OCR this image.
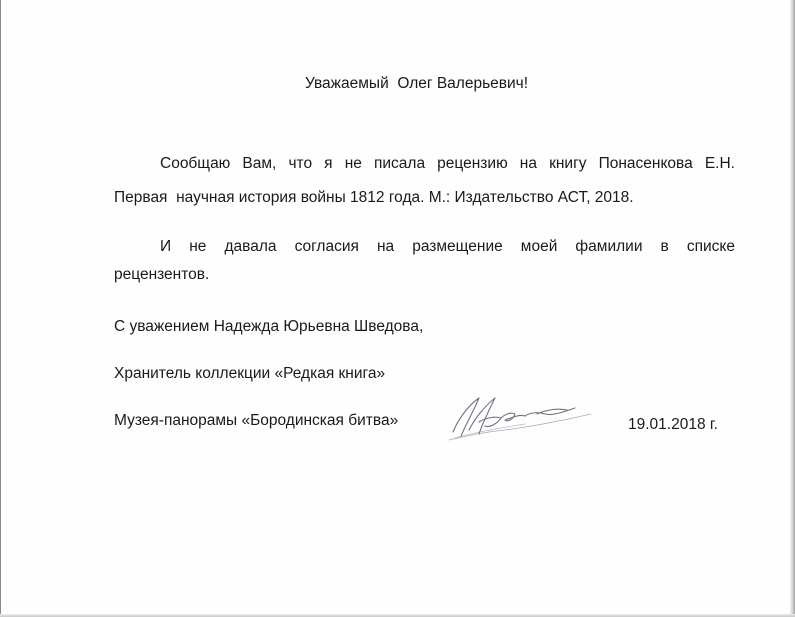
Уважаемый  Олег Валерьевич!
Сообщаю Вам, что я не писала рецензию на книгу Понасенкова Е.Н.
Первая  научная история войны 1812 года. М.: Издательство АСТ, 2018.
И не давала согласия на размещение моей фамилии в списке
рецензентов.
С уважением Надежда Юрьевна Шведова,
Хранитель коллекции «Редкая книга»
Музея-панорамы «Бородинская битва»	19.01.2018 г.
